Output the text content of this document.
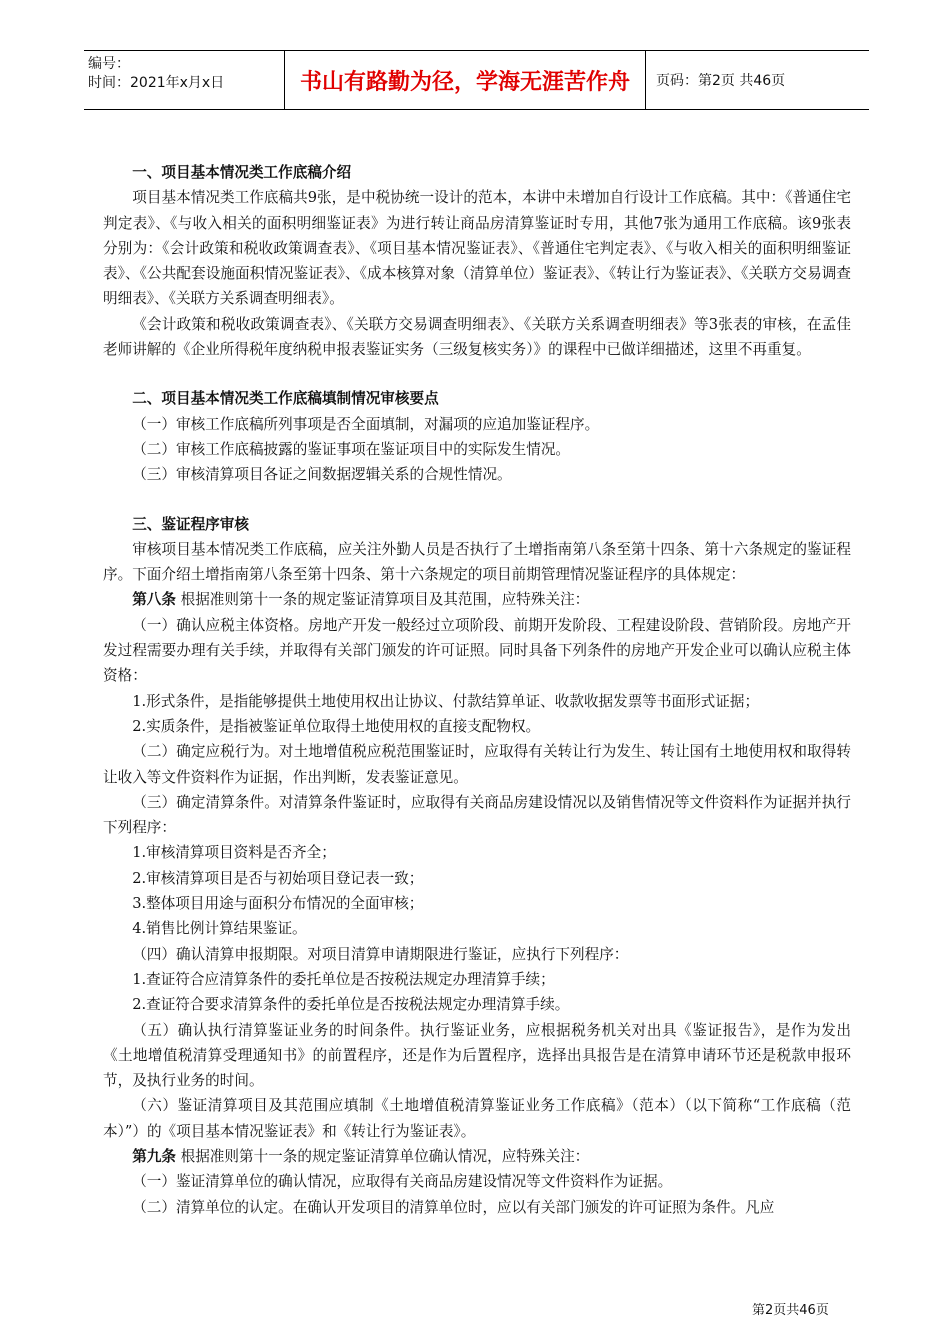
编号：
时间：2021年x月x日	书山有路勤为径，学海无涯苦作舟	页码：第2页 共46页
一、项目基本情况类工作底稿介绍

项目基本情况类工作底稿共9张，是中税协统一设计的范本，本讲中未增加自行设计工作底稿。其中：《普通住宅判定表》、《与收入相关的面积明细鉴证表》为进行转让商品房清算鉴证时专用，其他7张为通用工作底稿。该9张表分别为：《会计政策和税收政策调查表》、《项目基本情况鉴证表》、《普通住宅判定表》、《与收入相关的面积明细鉴证表》、《公共配套设施面积情况鉴证表》、《成本核算对象（清算单位）鉴证表》、《转让行为鉴证表》、《关联方交易调查明细表》、《关联方关系调查明细表》。

《会计政策和税收政策调查表》、《关联方交易调查明细表》、《关联方关系调查明细表》等3张表的审核，在孟佳老师讲解的《企业所得税年度纳税申报表鉴证实务（三级复核实务）》的课程中已做详细描述，这里不再重复。

二、项目基本情况类工作底稿填制情况审核要点

（一）审核工作底稿所列事项是否全面填制，对漏项的应追加鉴证程序。

（二）审核工作底稿披露的鉴证事项在鉴证项目中的实际发生情况。

（三）审核清算项目各证之间数据逻辑关系的合规性情况。

三、鉴证程序审核

审核项目基本情况类工作底稿，应关注外勤人员是否执行了土增指南第八条至第十四条、第十六条规定的鉴证程序。下面介绍土增指南第八条至第十四条、第十六条规定的项目前期管理情况鉴证程序的具体规定：

第八条 根据准则第十一条的规定鉴证清算项目及其范围，应特殊关注：

（一）确认应税主体资格。房地产开发一般经过立项阶段、前期开发阶段、工程建设阶段、营销阶段。房地产开发过程需要办理有关手续，并取得有关部门颁发的许可证照。同时具备下列条件的房地产开发企业可以确认应税主体资格：

1.形式条件，是指能够提供土地使用权出让协议、付款结算单证、收款收据发票等书面形式证据；

2.实质条件，是指被鉴证单位取得土地使用权的直接支配物权。

（二）确定应税行为。对土地增值税应税范围鉴证时，应取得有关转让行为发生、转让国有土地使用权和取得转让收入等文件资料作为证据，作出判断，发表鉴证意见。

（三）确定清算条件。对清算条件鉴证时，应取得有关商品房建设情况以及销售情况等文件资料作为证据并执行下列程序：

1.审核清算项目资料是否齐全；

2.审核清算项目是否与初始项目登记表一致；

3.整体项目用途与面积分布情况的全面审核；

4.销售比例计算结果鉴证。

（四）确认清算申报期限。对项目清算申请期限进行鉴证，应执行下列程序：

1.查证符合应清算条件的委托单位是否按税法规定办理清算手续；

2.查证符合要求清算条件的委托单位是否按税法规定办理清算手续。

（五）确认执行清算鉴证业务的时间条件。执行鉴证业务，应根据税务机关对出具《鉴证报告》，是作为发出《土地增值税清算受理通知书》的前置程序，还是作为后置程序，选择出具报告是在清算申请环节还是税款申报环节，及执行业务的时间。

（六）鉴证清算项目及其范围应填制《土地增值税清算鉴证业务工作底稿》（范本）（以下简称“工作底稿（范本）”）的《项目基本情况鉴证表》和《转让行为鉴证表》。

第九条 根据准则第十一条的规定鉴证清算单位确认情况，应特殊关注：

（一）鉴证清算单位的确认情况，应取得有关商品房建设情况等文件资料作为证据。

（二）清算单位的认定。在确认开发项目的清算单位时，应以有关部门颁发的许可证照为条件。凡应

第2页共46页
